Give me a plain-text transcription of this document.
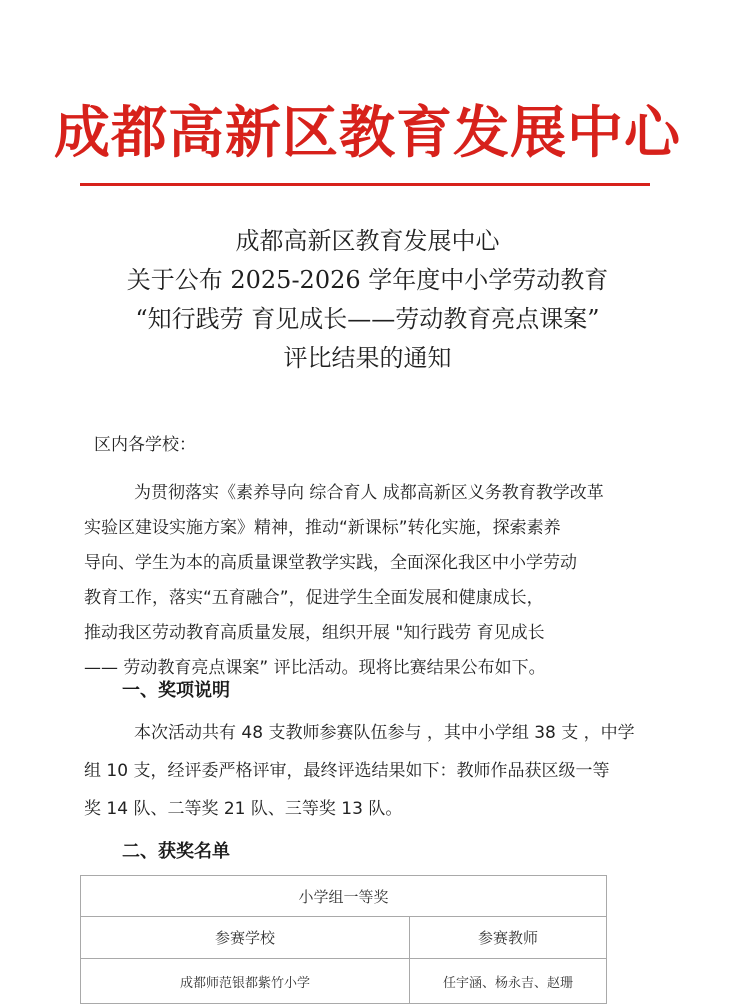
成都高新区教育发展中心
成都高新区教育发展中心
关于公布 2025-2026 学年度中小学劳动教育
“知行践劳 育见成长——劳动教育亮点课案”
评比结果的通知
区内各学校：
为贯彻落实《素养导向 综合育人 成都高新区义务教育教学改革
实验区建设实施方案》精神，推动“新课标”转化实施，探索素养
导向、学生为本的高质量课堂教学实践，全面深化我区中小学劳动
教育工作，落实“五育融合”，促进学生全面发展和健康成长，
推动我区劳动教育高质量发展，组织开展 "知行践劳 育见成长
—— 劳动教育亮点课案” 评比活动。现将比赛结果公布如下。
一、奖项说明
本次活动共有 48 支教师参赛队伍参与 ，其中小学组 38 支 ，中学
组 10 支，经评委严格评审，最终评选结果如下：教师作品获区级一等
奖 14 队、二等奖 21 队、三等奖 13 队。
二、获奖名单
小学组一等奖	
参赛学校	参赛教师
成都师范银都紫竹小学	任宇涵、杨永吉、赵珊
